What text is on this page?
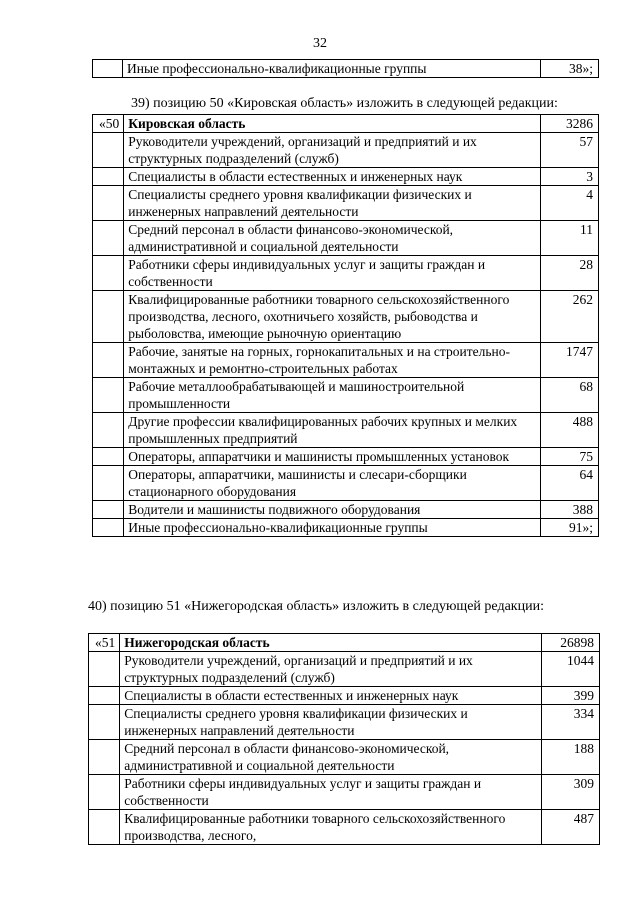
32
	Иные профессионально-квалификационные группы	38»;
39) позицию 50 «Кировская область» изложить в следующей редакции:
«50	Кировская область	3286
	Руководители учреждений, организаций и предприятий и их структурных подразделений (служб)	57
	Специалисты в области естественных и инженерных наук	3
	Специалисты среднего уровня квалификации физических и инженерных направлений деятельности	4
	Средний персонал в области финансово-экономической, административной и социальной деятельности	11
	Работники сферы индивидуальных услуг и защиты граждан и собственности	28
	Квалифицированные работники товарного сельскохозяйственного производства, лесного, охотничьего хозяйств, рыбоводства и рыболовства, имеющие рыночную ориентацию	262
	Рабочие, занятые на горных, горнокапитальных и на строительно-монтажных и ремонтно-строительных работах	1747
	Рабочие металлообрабатывающей и машиностроительной промышленности	68
	Другие профессии квалифицированных рабочих крупных и мелких промышленных предприятий	488
	Операторы, аппаратчики и машинисты промышленных установок	75
	Операторы, аппаратчики, машинисты и слесари-сборщики стационарного оборудования	64
	Водители и машинисты подвижного оборудования	388
	Иные профессионально-квалификационные группы	91»;
40) позицию 51 «Нижегородская область» изложить в следующей редакции:
«51	Нижегородская область	26898
	Руководители учреждений, организаций и предприятий и их структурных подразделений (служб)	1044
	Специалисты в области естественных и инженерных наук	399
	Специалисты среднего уровня квалификации физических и инженерных направлений деятельности	334
	Средний персонал в области финансово-экономической, административной и социальной деятельности	188
	Работники сферы индивидуальных услуг и защиты граждан и собственности	309
	Квалифицированные работники товарного сельскохозяйственного производства, лесного,	487
